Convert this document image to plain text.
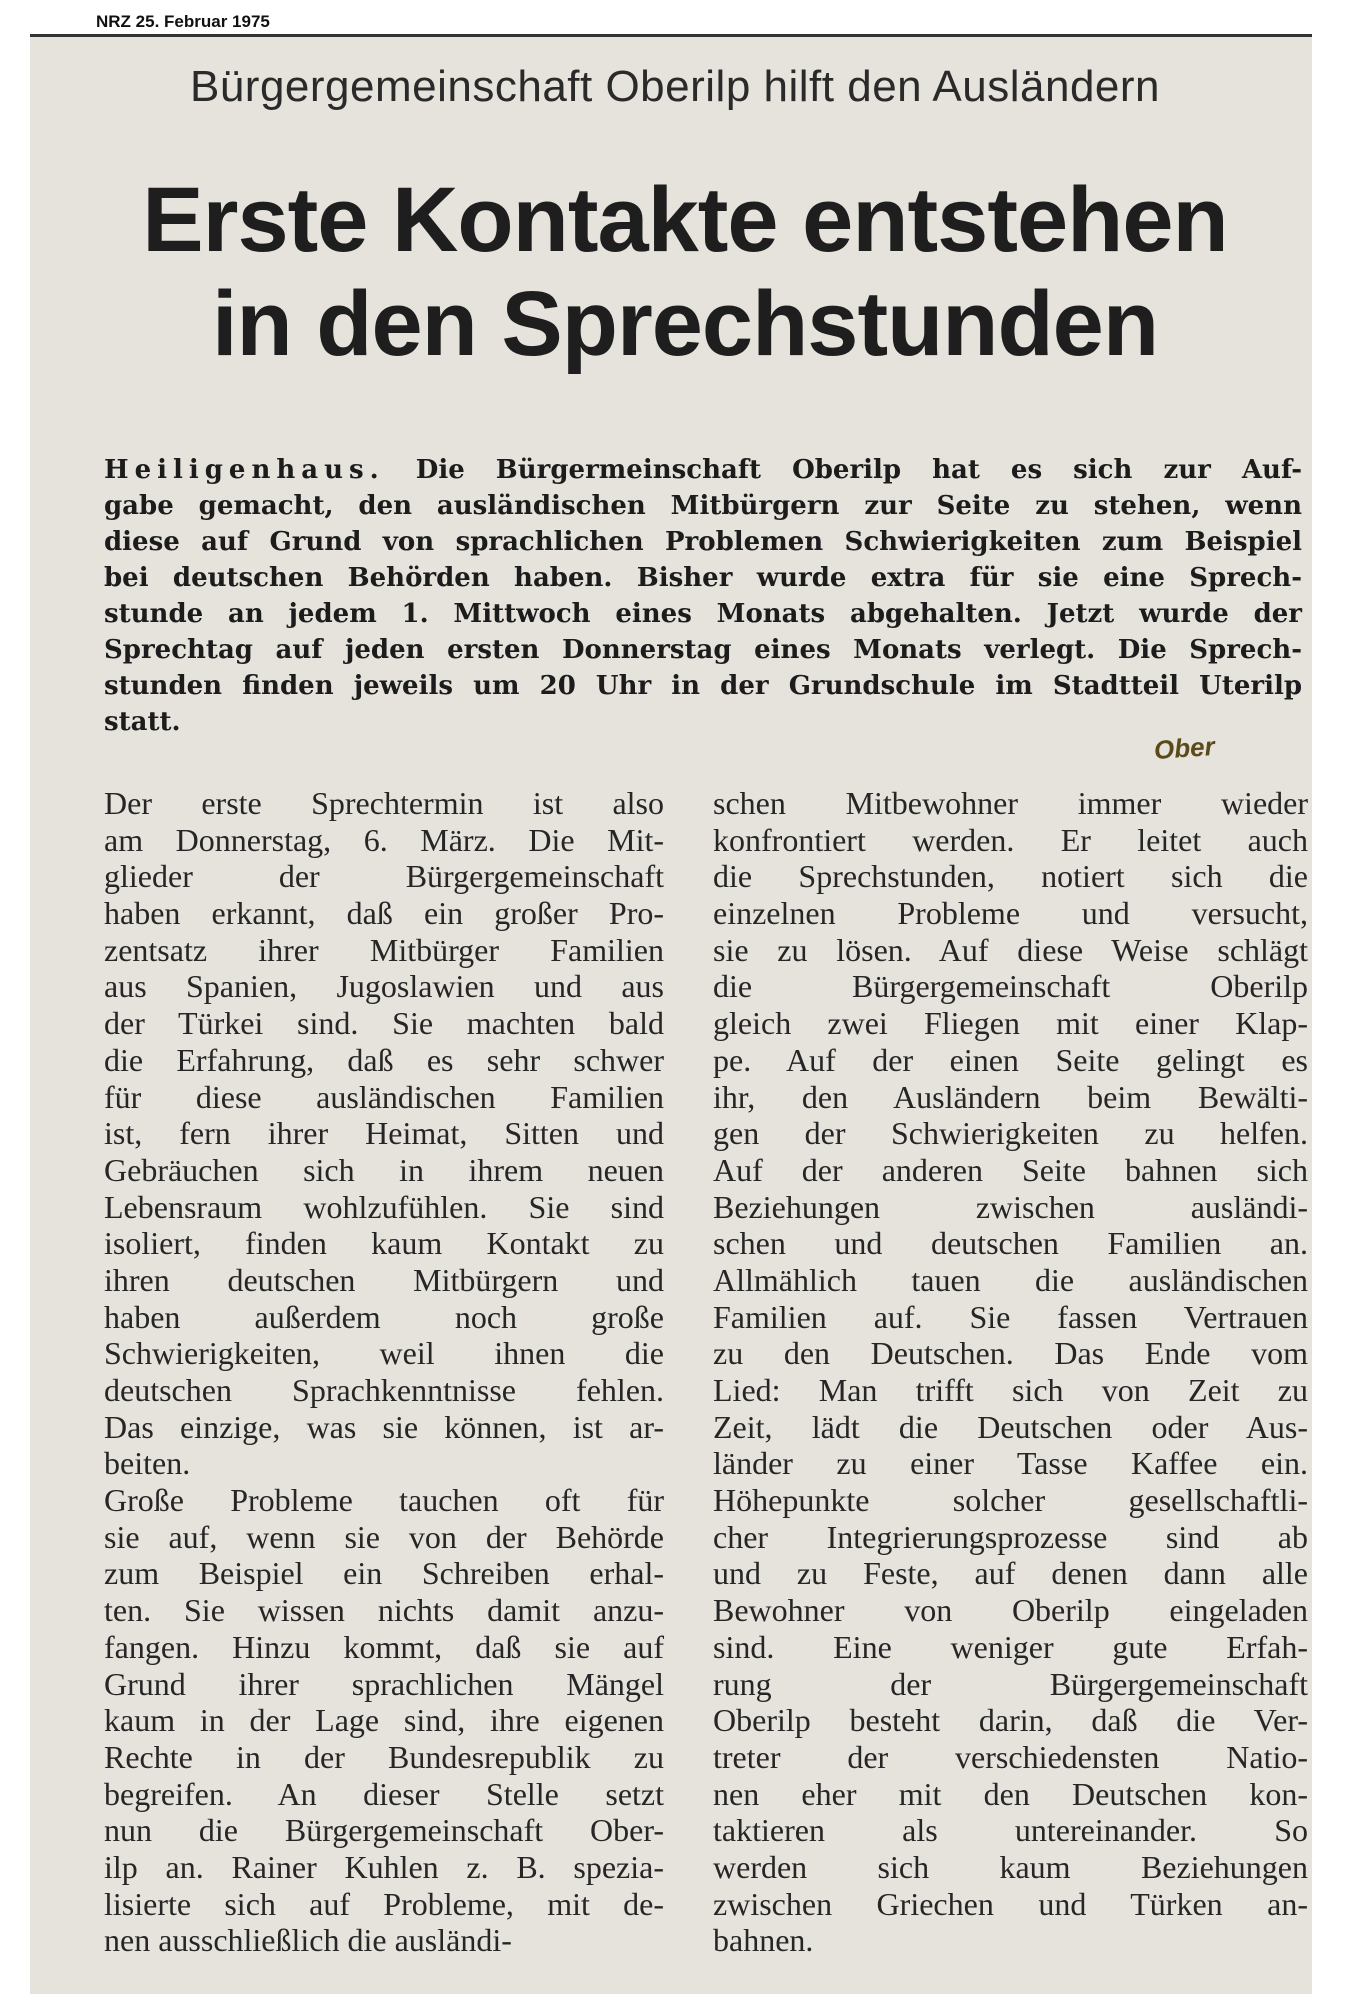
NRZ 25. Februar 1975
Bürgergemeinschaft Oberilp hilft den Ausländern
Erste Kontakte entstehen
in den Sprechstunden
Heiligenhaus. Die Bürgermeinschaft Oberilp hat es sich zur Auf-
gabe gemacht, den ausländischen Mitbürgern zur Seite zu stehen, wenn
diese auf Grund von sprachlichen Problemen Schwierigkeiten zum Beispiel
bei deutschen Behörden haben. Bisher wurde extra für sie eine Sprech-
stunde an jedem 1. Mittwoch eines Monats abgehalten. Jetzt wurde der
Sprechtag auf jeden ersten Donnerstag eines Monats verlegt. Die Sprech-
stunden finden jeweils um 20 Uhr in der Grundschule im Stadtteil Uterilp
statt.
Ober
Der erste Sprechtermin ist also
am Donnerstag, 6. März. Die Mit-
glieder der Bürgergemeinschaft
haben erkannt, daß ein großer Pro-
zentsatz ihrer Mitbürger Familien
aus Spanien, Jugoslawien und aus
der Türkei sind. Sie machten bald
die Erfahrung, daß es sehr schwer
für diese ausländischen Familien
ist, fern ihrer Heimat, Sitten und
Gebräuchen sich in ihrem neuen
Lebensraum wohlzufühlen. Sie sind
isoliert, finden kaum Kontakt zu
ihren deutschen Mitbürgern und
haben außerdem noch große
Schwierigkeiten, weil ihnen die
deutschen Sprachkenntnisse fehlen.
Das einzige, was sie können, ist ar-
beiten.
Große Probleme tauchen oft für
sie auf, wenn sie von der Behörde
zum Beispiel ein Schreiben erhal-
ten. Sie wissen nichts damit anzu-
fangen. Hinzu kommt, daß sie auf
Grund ihrer sprachlichen Mängel
kaum in der Lage sind, ihre eigenen
Rechte in der Bundesrepublik zu
begreifen. An dieser Stelle setzt
nun die Bürgergemeinschaft Ober-
ilp an. Rainer Kuhlen z. B. spezia-
lisierte sich auf Probleme, mit de-
nen ausschließlich die ausländi-
schen Mitbewohner immer wieder
konfrontiert werden. Er leitet auch
die Sprechstunden, notiert sich die
einzelnen Probleme und versucht,
sie zu lösen. Auf diese Weise schlägt
die Bürgergemeinschaft Oberilp
gleich zwei Fliegen mit einer Klap-
pe. Auf der einen Seite gelingt es
ihr, den Ausländern beim Bewälti-
gen der Schwierigkeiten zu helfen.
Auf der anderen Seite bahnen sich
Beziehungen zwischen ausländi-
schen und deutschen Familien an.
Allmählich tauen die ausländischen
Familien auf. Sie fassen Vertrauen
zu den Deutschen. Das Ende vom
Lied: Man trifft sich von Zeit zu
Zeit, lädt die Deutschen oder Aus-
länder zu einer Tasse Kaffee ein.
Höhepunkte solcher gesellschaftli-
cher Integrierungsprozesse sind ab
und zu Feste, auf denen dann alle
Bewohner von Oberilp eingeladen
sind. Eine weniger gute Erfah-
rung der Bürgergemeinschaft
Oberilp besteht darin, daß die Ver-
treter der verschiedensten Natio-
nen eher mit den Deutschen kon-
taktieren als untereinander. So
werden sich kaum Beziehungen
zwischen Griechen und Türken an-
bahnen.
